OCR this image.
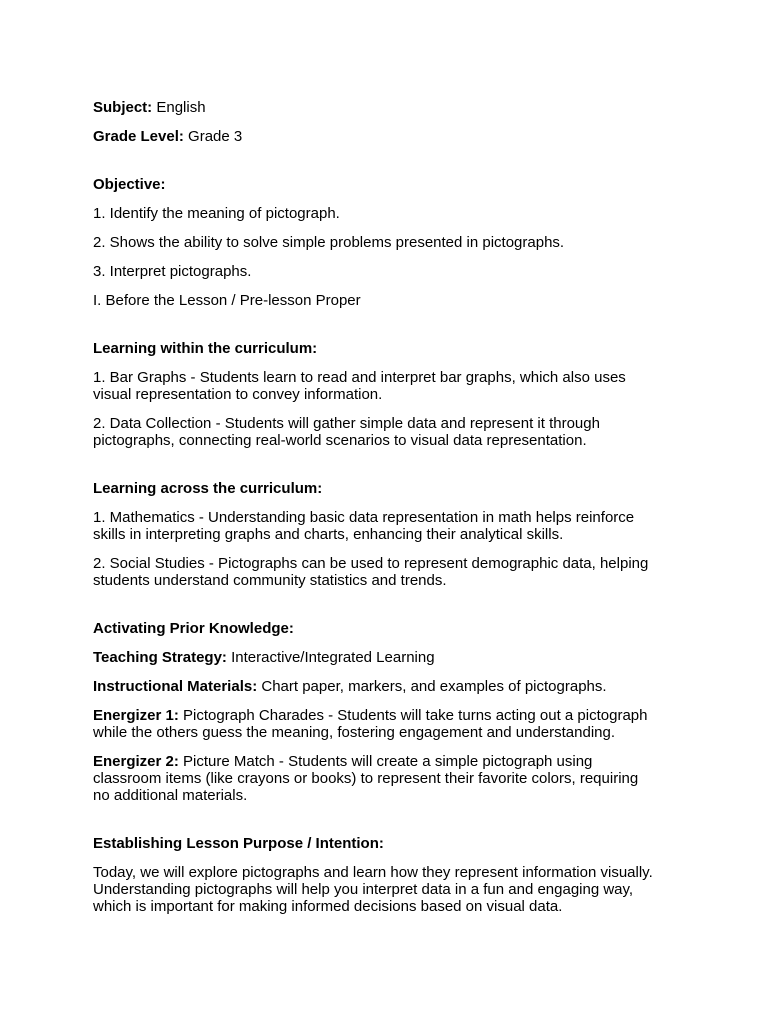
Subject: English

Grade Level: Grade 3

Objective:

1. Identify the meaning of pictograph.

2. Shows the ability to solve simple problems presented in pictographs.

3. Interpret pictographs.

I. Before the Lesson / Pre-lesson Proper

Learning within the curriculum:

1. Bar Graphs - Students learn to read and interpret bar graphs, which also uses
visual representation to convey information.

2. Data Collection - Students will gather simple data and represent it through
pictographs, connecting real-world scenarios to visual data representation.

Learning across the curriculum:

1. Mathematics - Understanding basic data representation in math helps reinforce
skills in interpreting graphs and charts, enhancing their analytical skills.

2. Social Studies - Pictographs can be used to represent demographic data, helping
students understand community statistics and trends.

Activating Prior Knowledge:

Teaching Strategy: Interactive/Integrated Learning

Instructional Materials: Chart paper, markers, and examples of pictographs.

Energizer 1: Pictograph Charades - Students will take turns acting out a pictograph
while the others guess the meaning, fostering engagement and understanding.

Energizer 2: Picture Match - Students will create a simple pictograph using
classroom items (like crayons or books) to represent their favorite colors, requiring
no additional materials.

Establishing Lesson Purpose / Intention:

Today, we will explore pictographs and learn how they represent information visually.
Understanding pictographs will help you interpret data in a fun and engaging way,
which is important for making informed decisions based on visual data.
